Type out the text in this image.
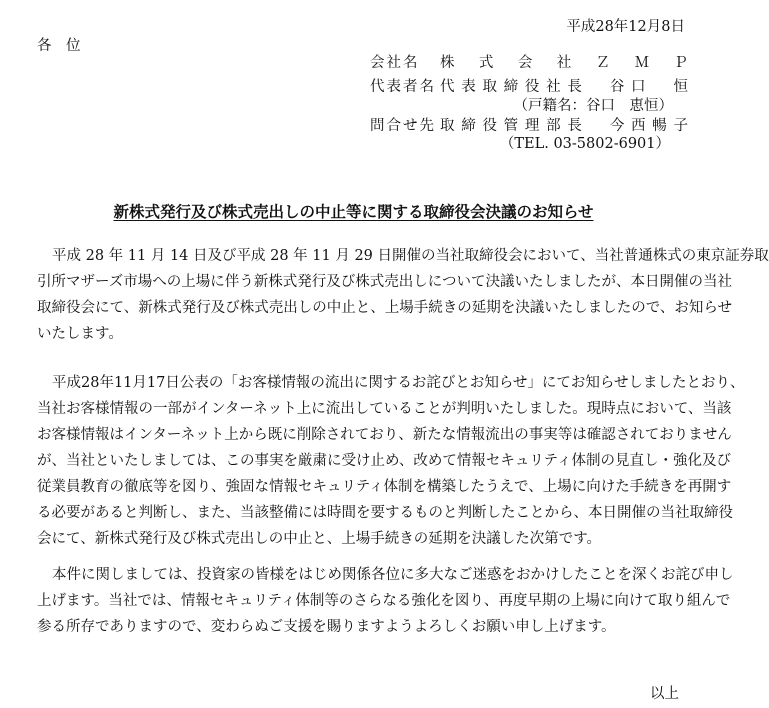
平成28年12月8日
各　位
会社名	株式会社ＺＭＰ
代表者名 代表取締役社長　谷口　恒
（戸籍名：谷口　恵恒）
問合せ先 取締役管理部長　今西暢子
（TEL. 03-5802-6901）
新株式発行及び株式売出しの中止等に関する取締役会決議のお知らせ
平成 28 年 11 月 14 日及び平成 28 年 11 月 29 日開催の当社取締役会において、当社普通株式の東京証券取
引所マザーズ市場への上場に伴う新株式発行及び株式売出しについて決議いたしましたが、本日開催の当社
取締役会にて、新株式発行及び株式売出しの中止と、上場手続きの延期を決議いたしましたので、お知らせ
いたします。
平成28年11月17日公表の「お客様情報の流出に関するお詫びとお知らせ」にてお知らせしましたとおり、
当社お客様情報の一部がインターネット上に流出していることが判明いたしました。現時点において、当該
お客様情報はインターネット上から既に削除されており、新たな情報流出の事実等は確認されておりません
が、当社といたしましては、この事実を厳粛に受け止め、改めて情報セキュリティ体制の見直し・強化及び
従業員教育の徹底等を図り、強固な情報セキュリティ体制を構築したうえで、上場に向けた手続きを再開す
る必要があると判断し、また、当該整備には時間を要するものと判断したことから、本日開催の当社取締役
会にて、新株式発行及び株式売出しの中止と、上場手続きの延期を決議した次第です。
本件に関しましては、投資家の皆様をはじめ関係各位に多大なご迷惑をおかけしたことを深くお詫び申し
上げます。当社では、情報セキュリティ体制等のさらなる強化を図り、再度早期の上場に向けて取り組んで
参る所存でありますので、変わらぬご支援を賜りますようよろしくお願い申し上げます。
以上
